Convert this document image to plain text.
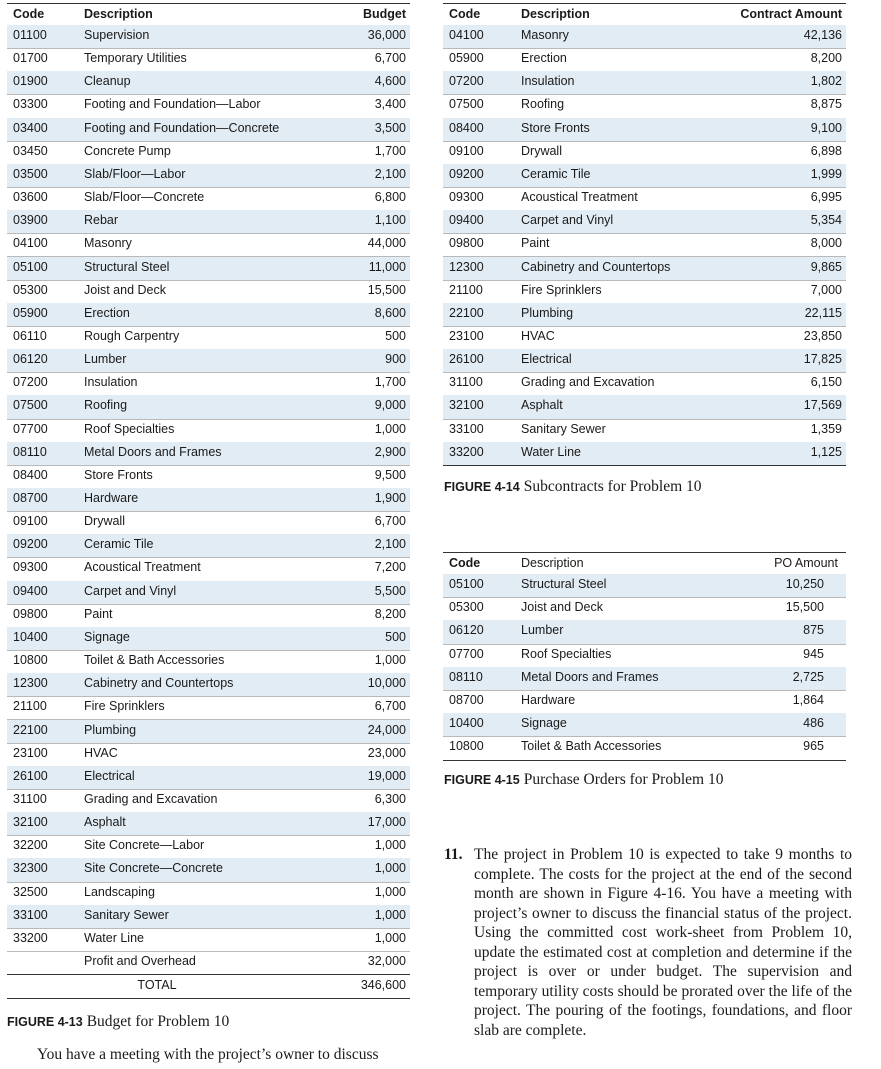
Code	Description	Budget
01100	Supervision	36,000
01700	Temporary Utilities	6,700
01900	Cleanup	4,600
03300	Footing and Foundation—Labor	3,400
03400	Footing and Foundation—Concrete	3,500
03450	Concrete Pump	1,700
03500	Slab/Floor—Labor	2,100
03600	Slab/Floor—Concrete	6,800
03900	Rebar	1,100
04100	Masonry	44,000
05100	Structural Steel	11,000
05300	Joist and Deck	15,500
05900	Erection	8,600
06110	Rough Carpentry	500
06120	Lumber	900
07200	Insulation	1,700
07500	Roofing	9,000
07700	Roof Specialties	1,000
08110	Metal Doors and Frames	2,900
08400	Store Fronts	9,500
08700	Hardware	1,900
09100	Drywall	6,700
09200	Ceramic Tile	2,100
09300	Acoustical Treatment	7,200
09400	Carpet and Vinyl	5,500
09800	Paint	8,200
10400	Signage	500
10800	Toilet & Bath Accessories	1,000
12300	Cabinetry and Countertops	10,000
21100	Fire Sprinklers	6,700
22100	Plumbing	24,000
23100	HVAC	23,000
26100	Electrical	19,000
31100	Grading and Excavation	6,300
32100	Asphalt	17,000
32200	Site Concrete—Labor	1,000
32300	Site Concrete—Concrete	1,000
32500	Landscaping	1,000
33100	Sanitary Sewer	1,000
33200	Water Line	1,000
Profit and Overhead	32,000
TOTAL	346,600
FIGURE 4-13 Budget for Problem 10
You have a meeting with the project’s owner to discuss
Code	Description	Contract Amount
04100	Masonry	42,136
05900	Erection	8,200
07200	Insulation	1,802
07500	Roofing	8,875
08400	Store Fronts	9,100
09100	Drywall	6,898
09200	Ceramic Tile	1,999
09300	Acoustical Treatment	6,995
09400	Carpet and Vinyl	5,354
09800	Paint	8,000
12300	Cabinetry and Countertops	9,865
21100	Fire Sprinklers	7,000
22100	Plumbing	22,115
23100	HVAC	23,850
26100	Electrical	17,825
31100	Grading and Excavation	6,150
32100	Asphalt	17,569
33100	Sanitary Sewer	1,359
33200	Water Line	1,125
FIGURE 4-14 Subcontracts for Problem 10
Code	Description	PO Amount
05100	Structural Steel	10,250
05300	Joist and Deck	15,500
06120	Lumber	875
07700	Roof Specialties	945
08110	Metal Doors and Frames	2,725
08700	Hardware	1,864
10400	Signage	486
10800	Toilet & Bath Accessories	965
FIGURE 4-15 Purchase Orders for Problem 10
11. The project in Problem 10 is expected to take 9 months to complete. The costs for the project at the end of the second month are shown in Figure 4-16. You have a meeting with project’s owner to discuss the financial status of the project. Using the committed cost work-sheet from Problem 10, update the estimated cost at completion and determine if the project is over or under budget. The supervision and temporary utility costs should be prorated over the life of the project. The pouring of the footings, foundations, and floor slab are complete.
